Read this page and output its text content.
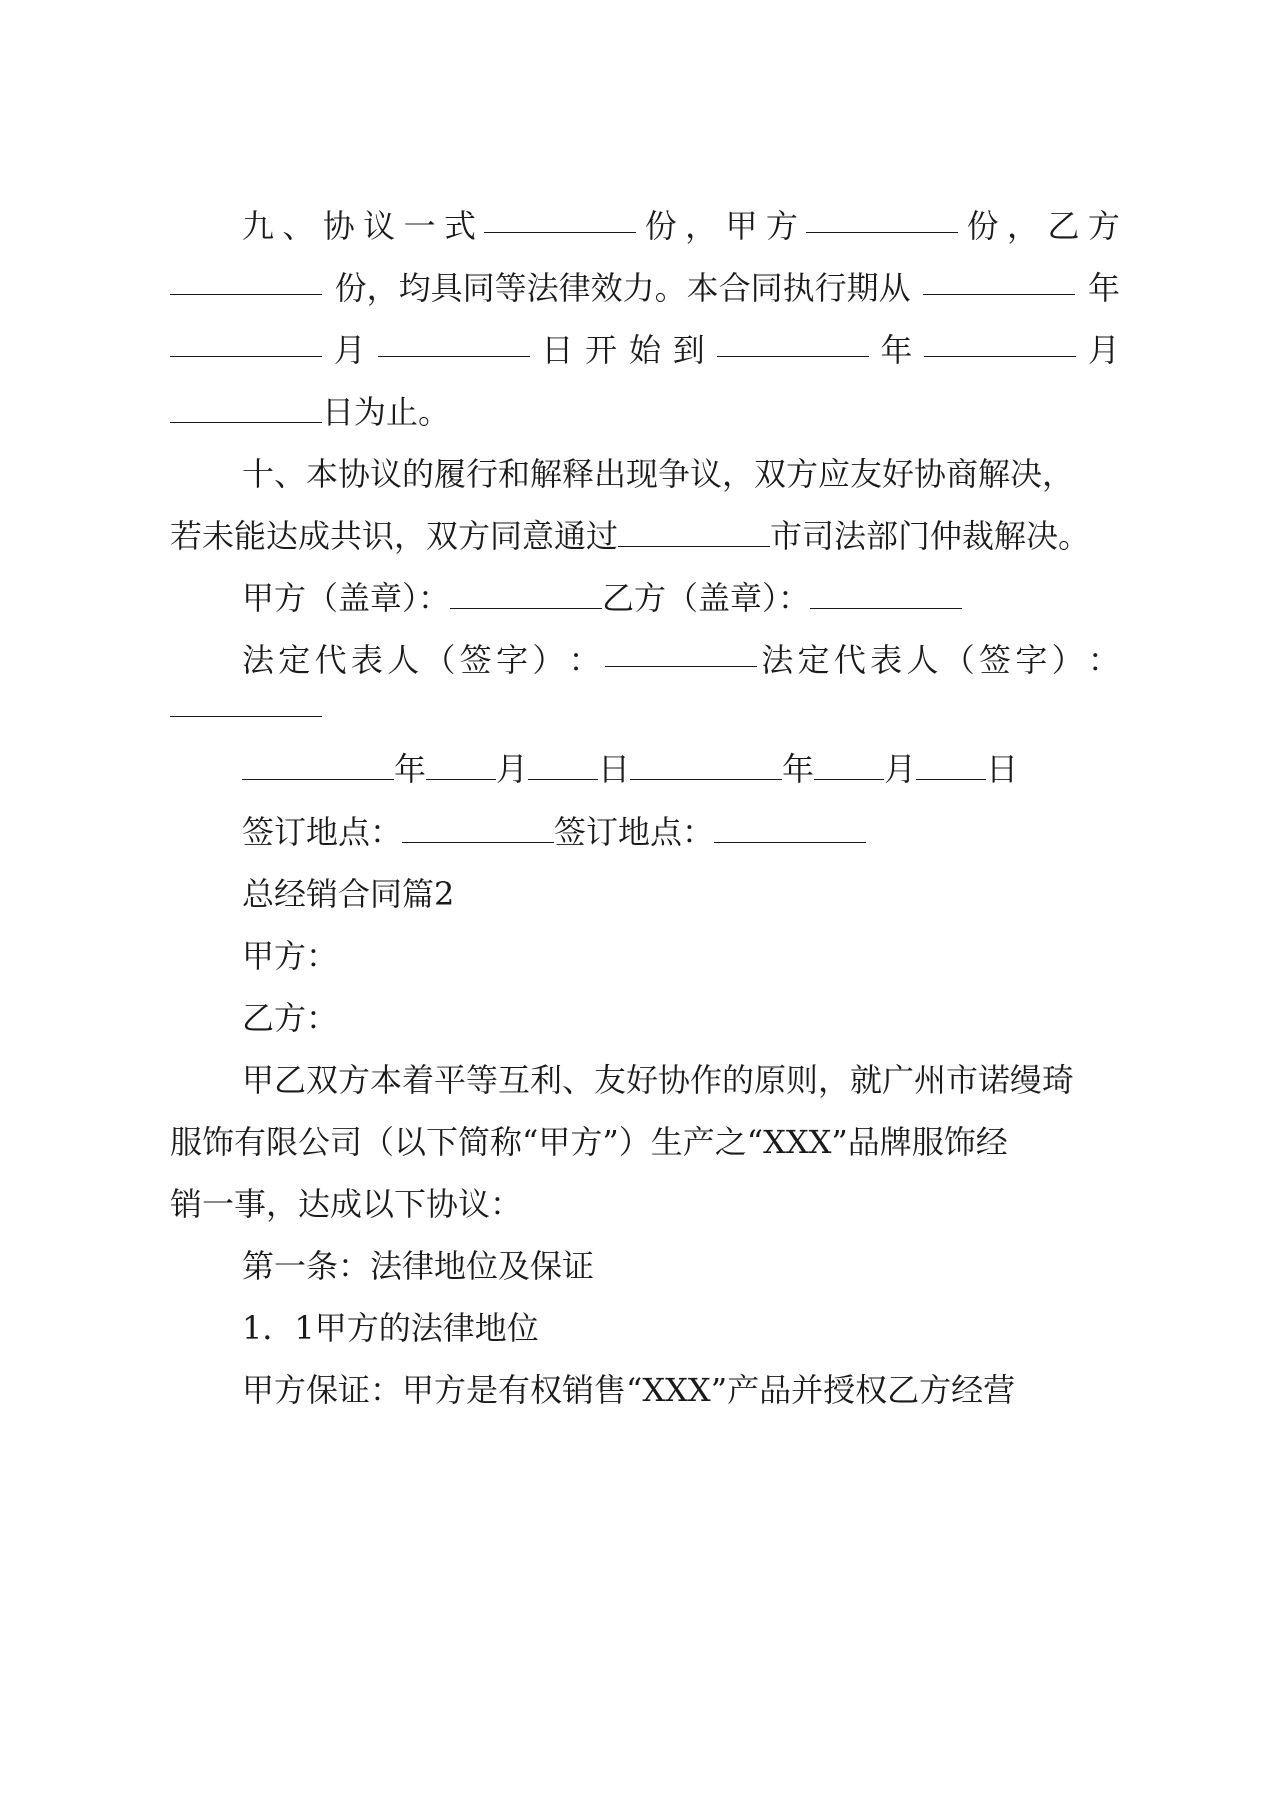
九 、 协 议 一 式	份 ， 甲 方	份 ， 乙 方
份，均具同等法律效力。本合同执行期从	年
月	日 开 始 到	年	月
日为止。
十、本协议的履行和解释出现争议，双方应友好协商解决，
若未能达成共识，双方同意通过	市司法部门仲裁解决。
甲方（盖章）：	乙方（盖章）：
法 定 代 表 人 （ 签 字 ） ：	法 定 代 表 人 （ 签 字 ） ：
年 月 日	年 月 日
签订地点：	签订地点：
总经销合同篇2
甲方：
乙方：
甲乙双方本着平等互利、友好协作的原则，就广州市诺缦琦
服饰有限公司（以下简称“甲方”）生产之“XXX”品牌服饰经
销一事，达成以下协议：
第一条：法律地位及保证
1．1甲方的法律地位
甲方保证：甲方是有权销售“XXX”产品并授权乙方经营
